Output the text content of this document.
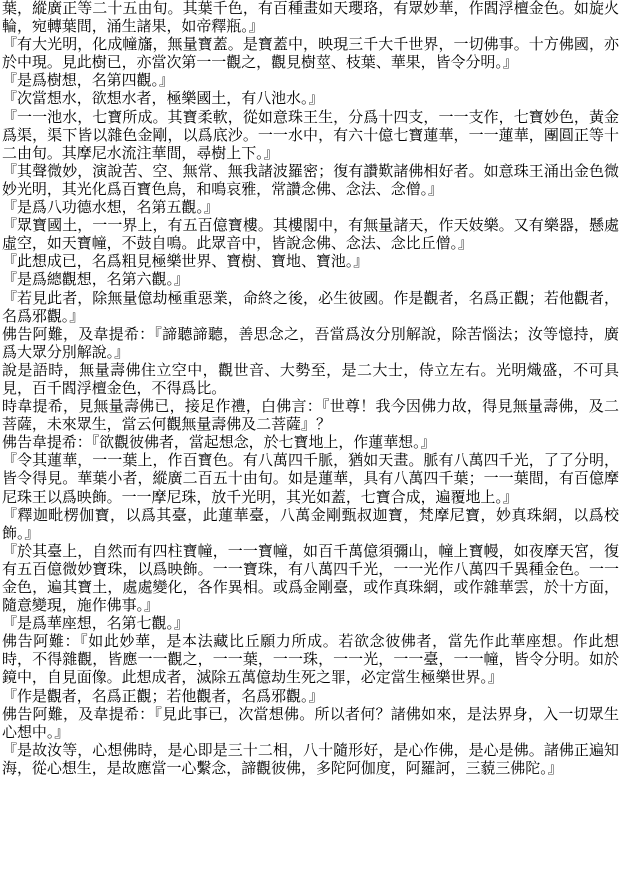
葉，縱廣正等二十五由旬。其葉千色，有百種畫如天瓔珞，有眾妙華，作閻浮檀金色。如旋火輪，宛轉葉間，涌生諸果，如帝釋瓶。』

『有大光明，化成幢旛，無量寶蓋。是寶蓋中，映現三千大千世界，一切佛事。十方佛國，亦於中現。見此樹已，亦當次第一一觀之，觀見樹莖、枝葉、華果，皆令分明。』

『是爲樹想，名第四觀。』

『次當想水，欲想水者，極樂國土，有八池水。』

『一一池水，七寶所成。其寶柔軟，從如意珠王生，分爲十四支，一一支作，七寶妙色，黃金爲渠，渠下皆以雜色金剛，以爲底沙。一一水中，有六十億七寶蓮華，一一蓮華，團圓正等十二由旬。其摩尼水流注華間，尋樹上下。』

『其聲微妙，演說苦、空、無常、無我諸波羅密；復有讚歎諸佛相好者。如意珠王涌出金色微妙光明，其光化爲百寶色鳥，和鳴哀雅，常讚念佛、念法、念僧。』

『是爲八功德水想，名第五觀。』

『眾寶國土，一一界上，有五百億寶樓。其樓閣中，有無量諸天，作天妓樂。又有樂器，懸處虛空，如天寶幢，不鼓自鳴。此眾音中，皆說念佛、念法、念比丘僧。』

『此想成已，名爲粗見極樂世界、寶樹、寶地、寶池。』

『是爲總觀想，名第六觀。』

『若見此者，除無量億劫極重惡業，命終之後，必生彼國。作是觀者，名爲正觀；若他觀者，名爲邪觀。』

佛告阿難，及韋提希：『諦聽諦聽，善思念之，吾當爲汝分別解說，除苦惱法；汝等憶持，廣爲大眾分別解說。』

說是語時，無量壽佛住立空中，觀世音、大勢至，是二大士，侍立左右。光明熾盛，不可具見，百千閻浮檀金色，不得爲比。

時韋提希，見無量壽佛已，接足作禮，白佛言：『世尊！我今因佛力故，得見無量壽佛，及二菩薩，未來眾生，當云何觀無量壽佛及二菩薩』？

佛告韋提希：『欲觀彼佛者，當起想念，於七寶地上，作蓮華想。』

『令其蓮華，一一葉上，作百寶色。有八萬四千脈，猶如天畫。脈有八萬四千光，了了分明，皆令得見。華葉小者，縱廣二百五十由旬。如是蓮華，具有八萬四千葉；一一葉間，有百億摩尼珠王以爲映飾。一一摩尼珠，放千光明，其光如蓋，七寶合成，遍覆地上。』

『釋迦毗楞伽寶，以爲其臺，此蓮華臺，八萬金剛甄叔迦寶，梵摩尼寶，妙真珠網，以爲校飾。』

『於其臺上，自然而有四柱寶幢，一一寶幢，如百千萬億須彌山，幢上寶幔，如夜摩天宮，復有五百億微妙寶珠，以爲映飾。一一寶珠，有八萬四千光，一一光作八萬四千異種金色。一一金色，遍其寶土，處處變化，各作異相。或爲金剛臺，或作真珠網，或作雜華雲，於十方面，隨意變現，施作佛事。』

『是爲華座想，名第七觀。』

佛告阿難：『如此妙華，是本法藏比丘願力所成。若欲念彼佛者，當先作此華座想。作此想時，不得雜觀，皆應一一觀之，一一葉，一一珠，一一光，一一臺，一一幢，皆令分明。如於鏡中，自見面像。此想成者，滅除五萬億劫生死之罪，必定當生極樂世界。』

『作是觀者，名爲正觀；若他觀者，名爲邪觀。』

佛告阿難，及韋提希：『見此事已，次當想佛。所以者何？諸佛如來，是法界身，入一切眾生心想中。』

『是故汝等，心想佛時，是心即是三十二相，八十隨形好，是心作佛，是心是佛。諸佛正遍知海，從心想生，是故應當一心繫念，諦觀彼佛，多陀阿伽度，阿羅訶，三藐三佛陀。』
